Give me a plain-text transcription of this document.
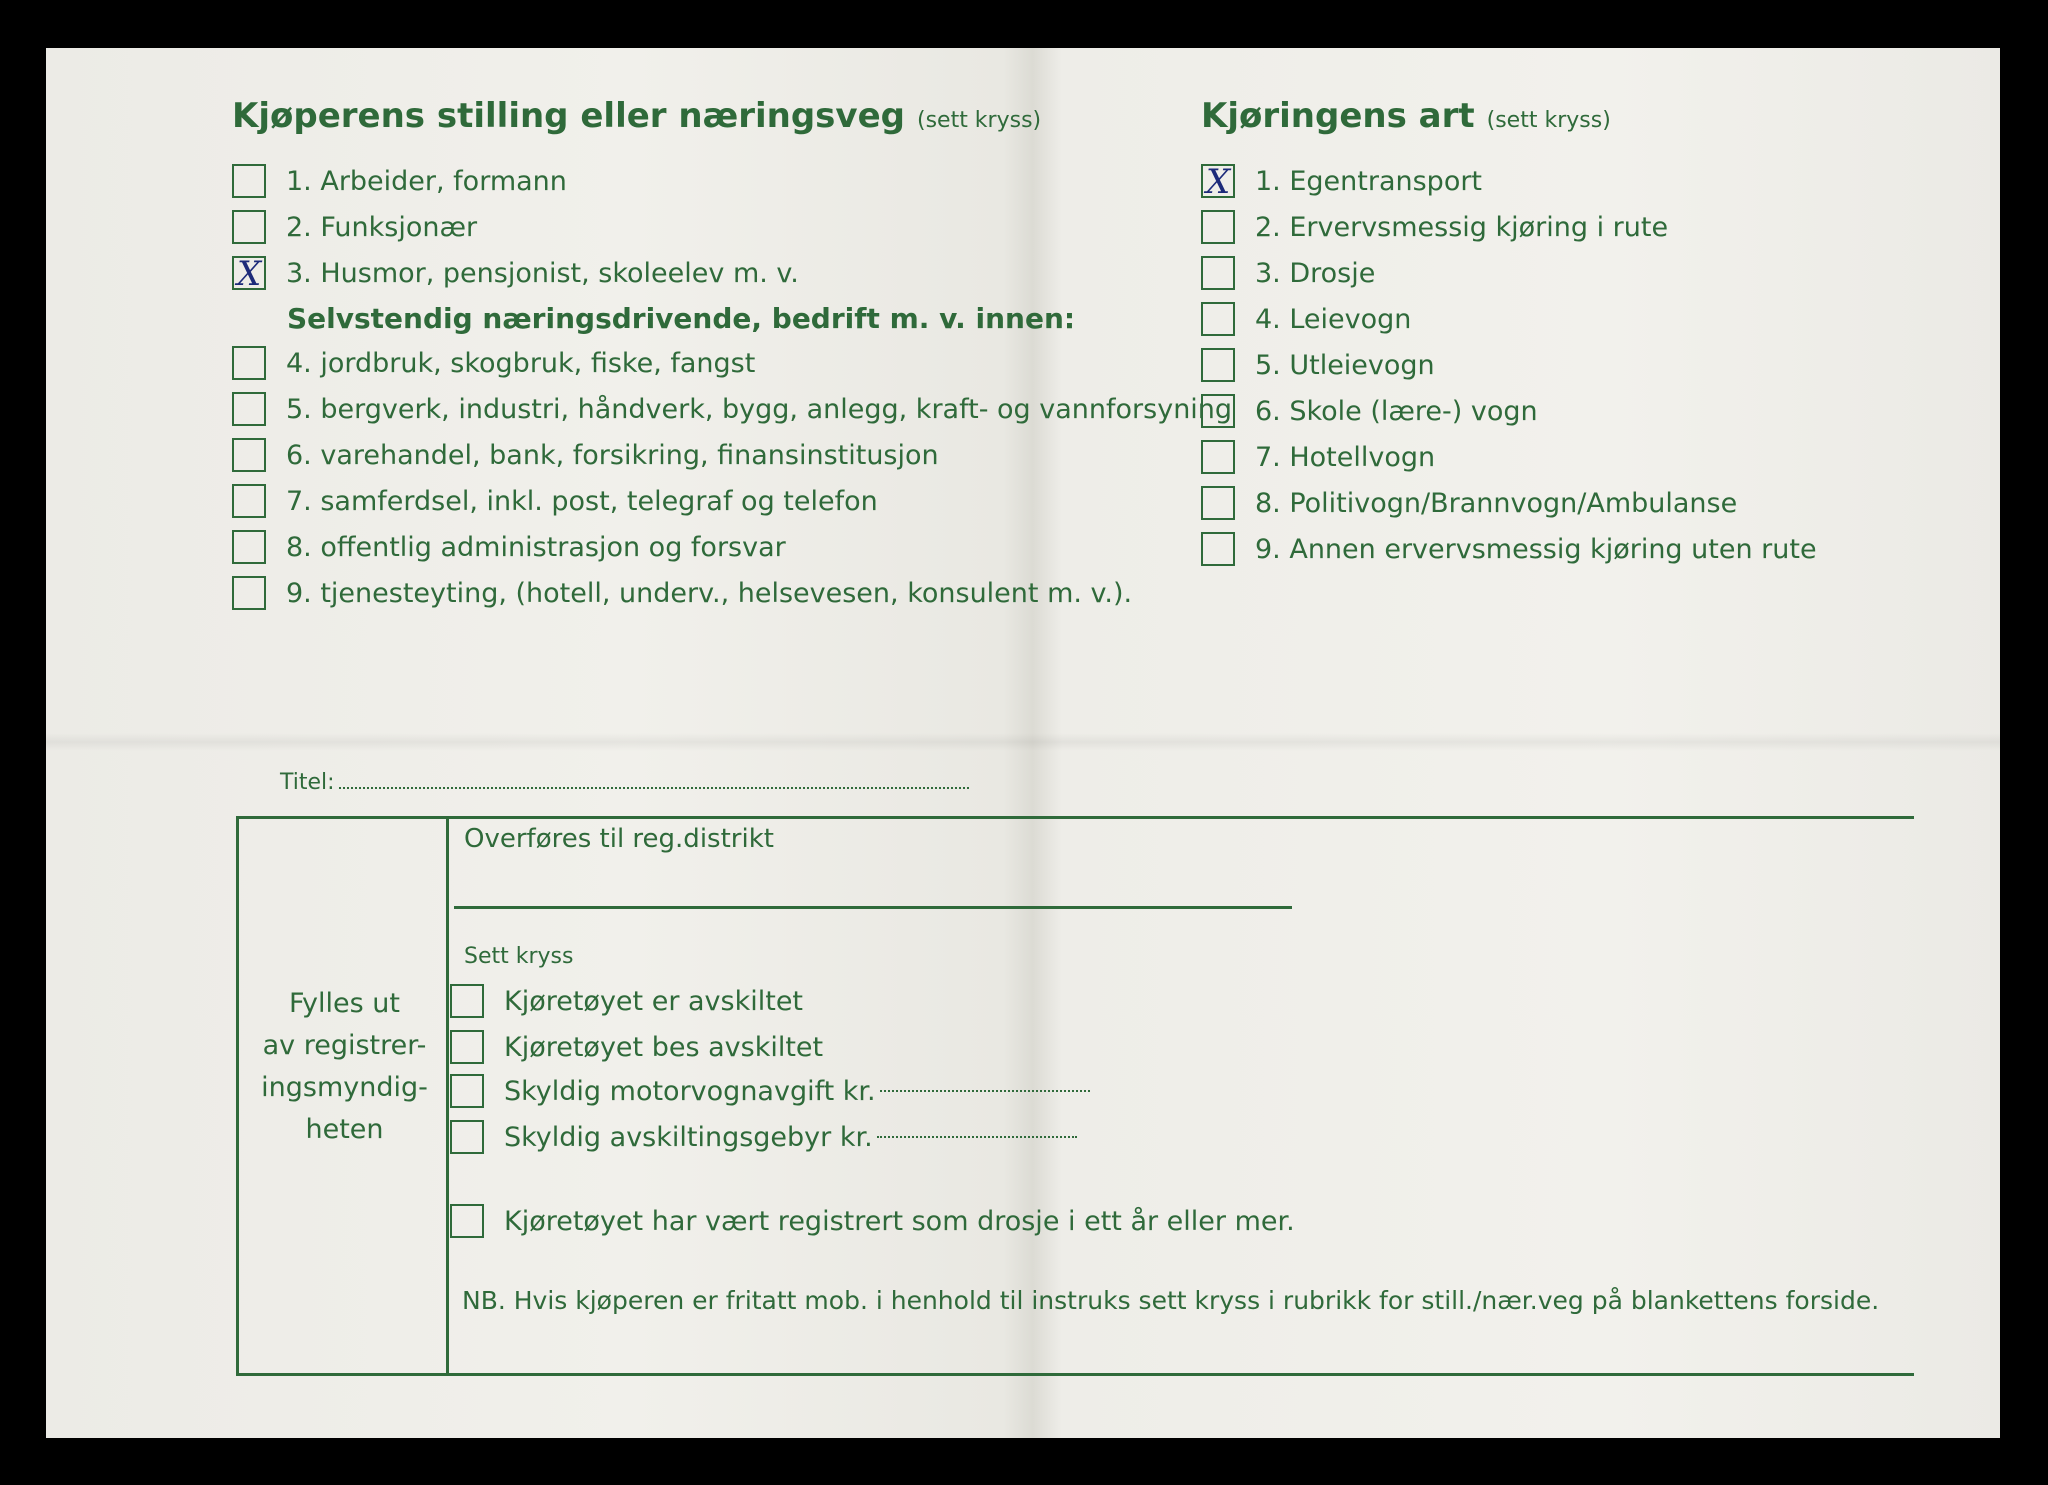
Kjøperens stilling eller næringsveg (sett kryss)
1. Arbeider, formann
2. Funksjonær
X
3. Husmor, pensjonist, skoleelev m. v.
Selvstendig næringsdrivende, bedrift m. v. innen:
4. jordbruk, skogbruk, fiske, fangst
5. bergverk, industri, håndverk, bygg, anlegg, kraft- og vannforsyning
6. varehandel, bank, forsikring, finansinstitusjon
7. samferdsel, inkl. post, telegraf og telefon
8. offentlig administrasjon og forsvar
9. tjenesteyting, (hotell, underv., helsevesen, konsulent m. v.).
Kjøringens art (sett kryss)
X
1. Egentransport
2. Ervervsmessig kjøring i rute
3. Drosje
4. Leievogn
5. Utleievogn
6. Skole (lære-) vogn
7. Hotellvogn
8. Politivogn/Brannvogn/Ambulanse
9. Annen ervervsmessig kjøring uten rute
Titel:
Fylles ut
av registrer-
ingsmyndig-
heten
Overføres til reg.distrikt
Sett kryss
Kjøretøyet er avskiltet
Kjøretøyet bes avskiltet
Skyldig motorvognavgift kr.
Skyldig avskiltingsgebyr kr.
Kjøretøyet har vært registrert som drosje i ett år eller mer.
NB. Hvis kjøperen er fritatt mob. i henhold til instruks sett kryss i rubrikk for still./nær.veg på blankettens forside.
